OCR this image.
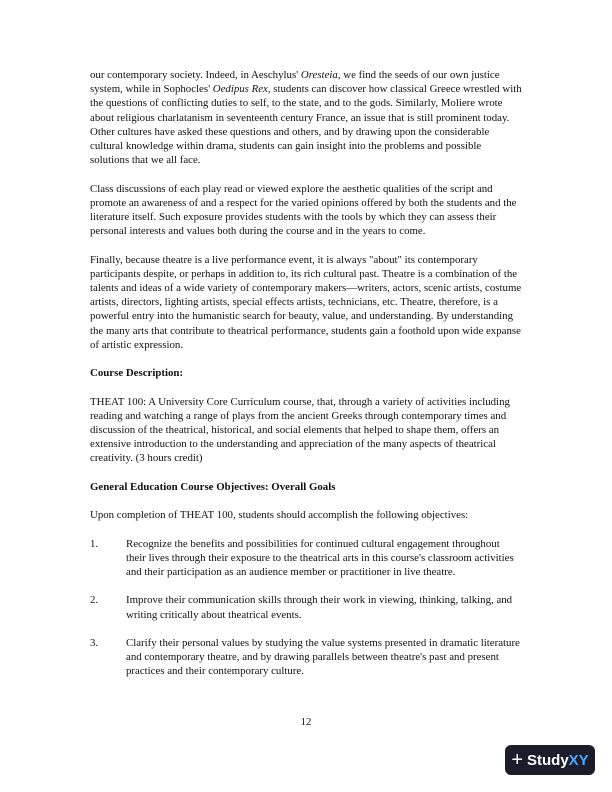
our contemporary society. Indeed, in Aeschylus' Oresteia, we find the seeds of our own justice system, while in Sophocles' Oedipus Rex, students can discover how classical Greece wrestled with the questions of conflicting duties to self, to the state, and to the gods. Similarly, Moliere wrote about religious charlatanism in seventeenth century France, an issue that is still prominent today. Other cultures have asked these questions and others, and by drawing upon the considerable cultural knowledge within drama, students can gain insight into the problems and possible solutions that we all face.

Class discussions of each play read or viewed explore the aesthetic qualities of the script and promote an awareness of and a respect for the varied opinions offered by both the students and the literature itself. Such exposure provides students with the tools by which they can assess their personal interests and values both during the course and in the years to come.

Finally, because theatre is a live performance event, it is always "about" its contemporary participants despite, or perhaps in addition to, its rich cultural past. Theatre is a combination of the talents and ideas of a wide variety of contemporary makers—writers, actors, scenic artists, costume artists, directors, lighting artists, special effects artists, technicians, etc. Theatre, therefore, is a powerful entry into the humanistic search for beauty, value, and understanding. By understanding the many arts that contribute to theatrical performance, students gain a foothold upon wide expanse of artistic expression.

Course Description:

THEAT 100: A University Core Curriculum course, that, through a variety of activities including reading and watching a range of plays from the ancient Greeks through contemporary times and discussion of the theatrical, historical, and social elements that helped to shape them, offers an extensive introduction to the understanding and appreciation of the many aspects of theatrical creativity. (3 hours credit)

General Education Course Objectives: Overall Goals

Upon completion of THEAT 100, students should accomplish the following objectives:

1.	Recognize the benefits and possibilities for continued cultural engagement throughout their lives through their exposure to the theatrical arts in this course's classroom activities and their participation as an audience member or practitioner in live theatre.
2.	Improve their communication skills through their work in viewing, thinking, talking, and writing critically about theatrical events.
3.	Clarify their personal values by studying the value systems presented in dramatic literature and contemporary theatre, and by drawing parallels between theatre's past and present practices and their contemporary culture.
12
+ Study XY
